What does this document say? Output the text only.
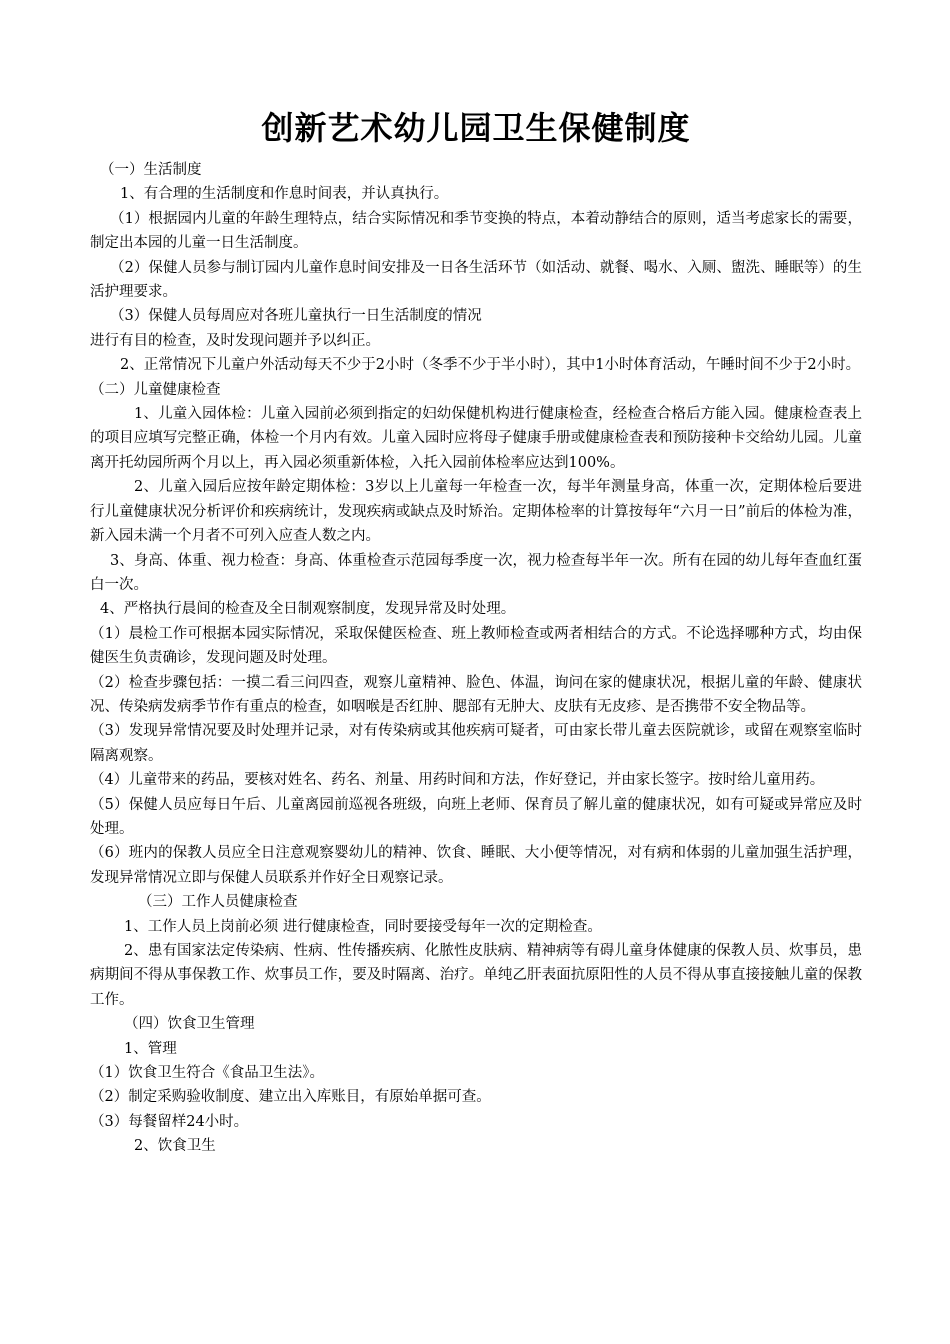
创新艺术幼儿园卫生保健制度

（一）生活制度

1、有合理的生活制度和作息时间表，并认真执行。

（1）根据园内儿童的年龄生理特点，结合实际情况和季节变换的特点，本着动静结合的原则，适当考虑家长的需要，制定出本园的儿童一日生活制度。

（2）保健人员参与制订园内儿童作息时间安排及一日各生活环节（如活动、就餐、喝水、入厕、盥洗、睡眠等）的生活护理要求。

（3）保健人员每周应对各班儿童执行一日生活制度的情况

进行有目的检查，及时发现问题并予以纠正。

2、正常情况下儿童户外活动每天不少于2小时（冬季不少于半小时），其中1小时体育活动，午睡时间不少于2小时。

（二）儿童健康检查

1、儿童入园体检：儿童入园前必须到指定的妇幼保健机构进行健康检查，经检查合格后方能入园。健康检查表上的项目应填写完整正确，体检一个月内有效。儿童入园时应将母子健康手册或健康检查表和预防接种卡交给幼儿园。儿童离开托幼园所两个月以上，再入园必须重新体检，入托入园前体检率应达到100%。

2、儿童入园后应按年龄定期体检：3岁以上儿童每一年检查一次，每半年测量身高，体重一次，定期体检后要进行儿童健康状况分析评价和疾病统计，发现疾病或缺点及时矫治。定期体检率的计算按每年“六月一日”前后的体检为准，新入园未满一个月者不可列入应查人数之内。

3、身高、体重、视力检查：身高、体重检查示范园每季度一次，视力检查每半年一次。所有在园的幼儿每年查血红蛋白一次。

4、严格执行晨间的检查及全日制观察制度，发现异常及时处理。

（1）晨检工作可根据本园实际情况，采取保健医检查、班上教师检查或两者相结合的方式。不论选择哪种方式，均由保健医生负责确诊，发现问题及时处理。

（2）检查步骤包括：一摸二看三问四查，观察儿童精神、脸色、体温，询问在家的健康状况，根据儿童的年龄、健康状况、传染病发病季节作有重点的检查，如咽喉是否红肿、腮部有无肿大、皮肤有无皮疹、是否携带不安全物品等。

（3）发现异常情况要及时处理并记录，对有传染病或其他疾病可疑者，可由家长带儿童去医院就诊，或留在观察室临时隔离观察。

（4）儿童带来的药品，要核对姓名、药名、剂量、用药时间和方法，作好登记，并由家长签字。按时给儿童用药。

（5）保健人员应每日午后、儿童离园前巡视各班级，向班上老师、保育员了解儿童的健康状况，如有可疑或异常应及时处理。

（6）班内的保教人员应全日注意观察婴幼儿的精神、饮食、睡眠、大小便等情况，对有病和体弱的儿童加强生活护理，发现异常情况立即与保健人员联系并作好全日观察记录。

（三）工作人员健康检查

1、工作人员上岗前必须 进行健康检查，同时要接受每年一次的定期检查。

2、患有国家法定传染病、性病、性传播疾病、化脓性皮肤病、精神病等有碍儿童身体健康的保教人员、炊事员，患病期间不得从事保教工作、炊事员工作，要及时隔离、治疗。单纯乙肝表面抗原阳性的人员不得从事直接接触儿童的保教工作。

（四）饮食卫生管理

1、管理

（1）饮食卫生符合《食品卫生法》。

（2）制定采购验收制度、建立出入库账目，有原始单据可查。

（3）每餐留样24小时。

2、饮食卫生
